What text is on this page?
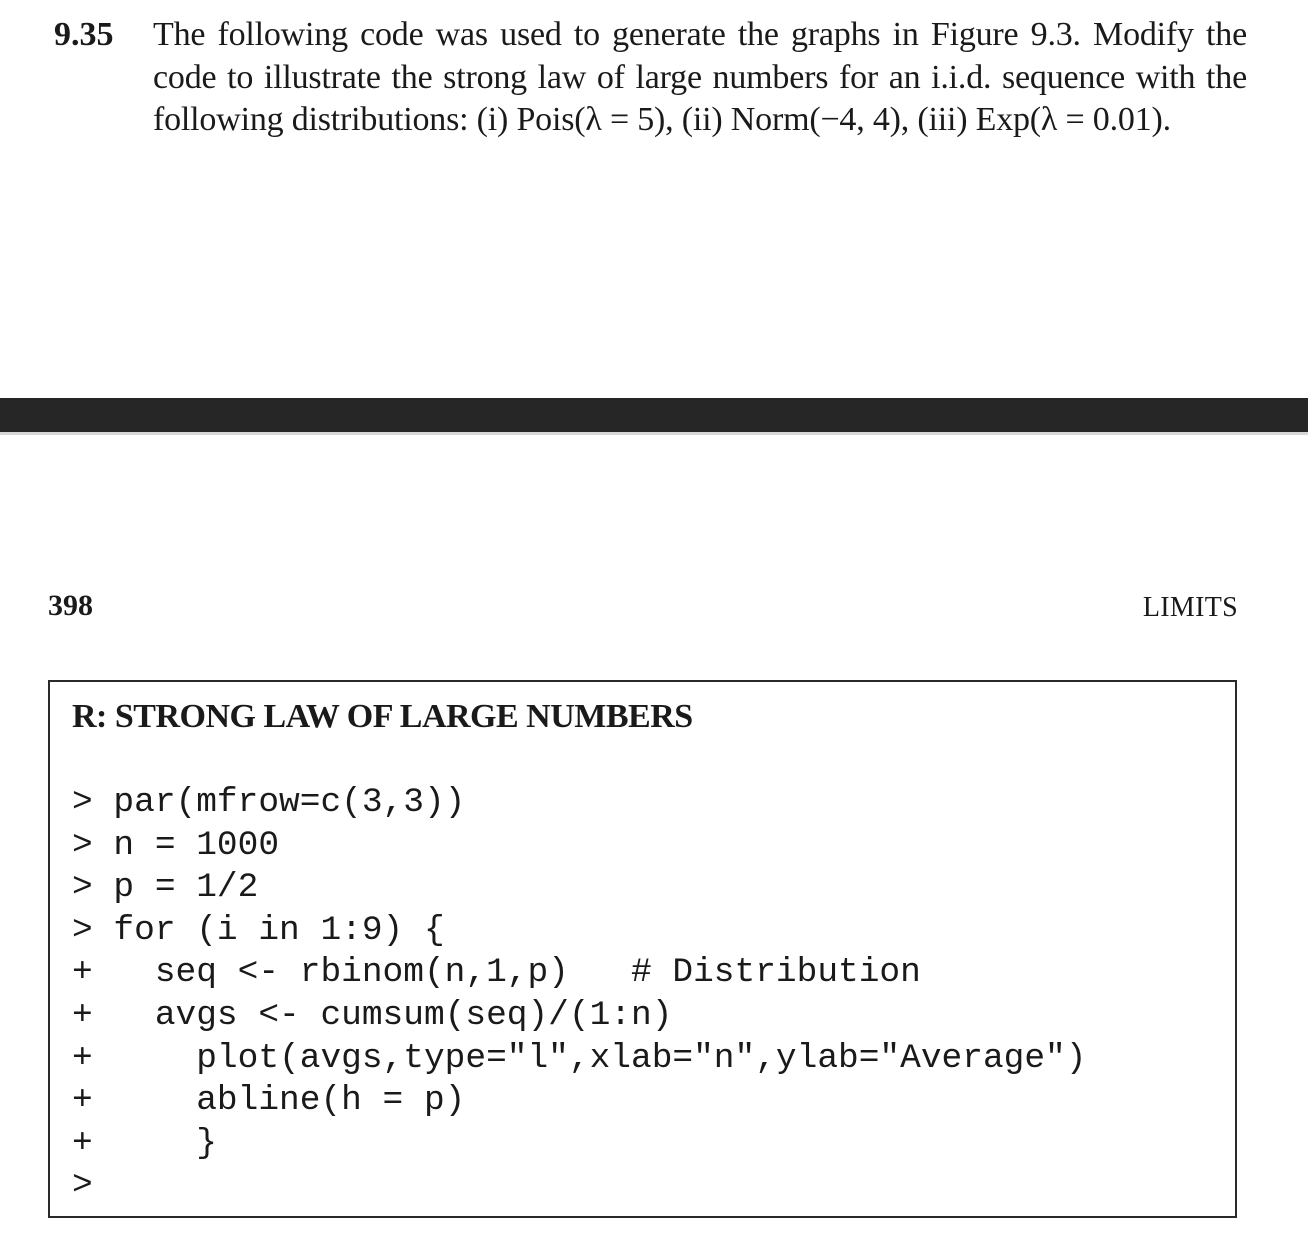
9.35 The following code was used to generate the graphs in Figure 9.3. Modify the code to illustrate the strong law of large numbers for an i.i.d. sequence with the following distributions: (i) Pois(λ = 5), (ii) Norm(−4, 4), (iii) Exp(λ = 0.01).
398	LIMITS
R: STRONG LAW OF LARGE NUMBERS
> par(mfrow=c(3,3))
> n = 1000
> p = 1/2
> for (i in 1:9) {
+   seq <- rbinom(n,1,p)   # Distribution
+   avgs <- cumsum(seq)/(1:n)
+     plot(avgs,type="l",xlab="n",ylab="Average")
+     abline(h = p)
+     }
>
